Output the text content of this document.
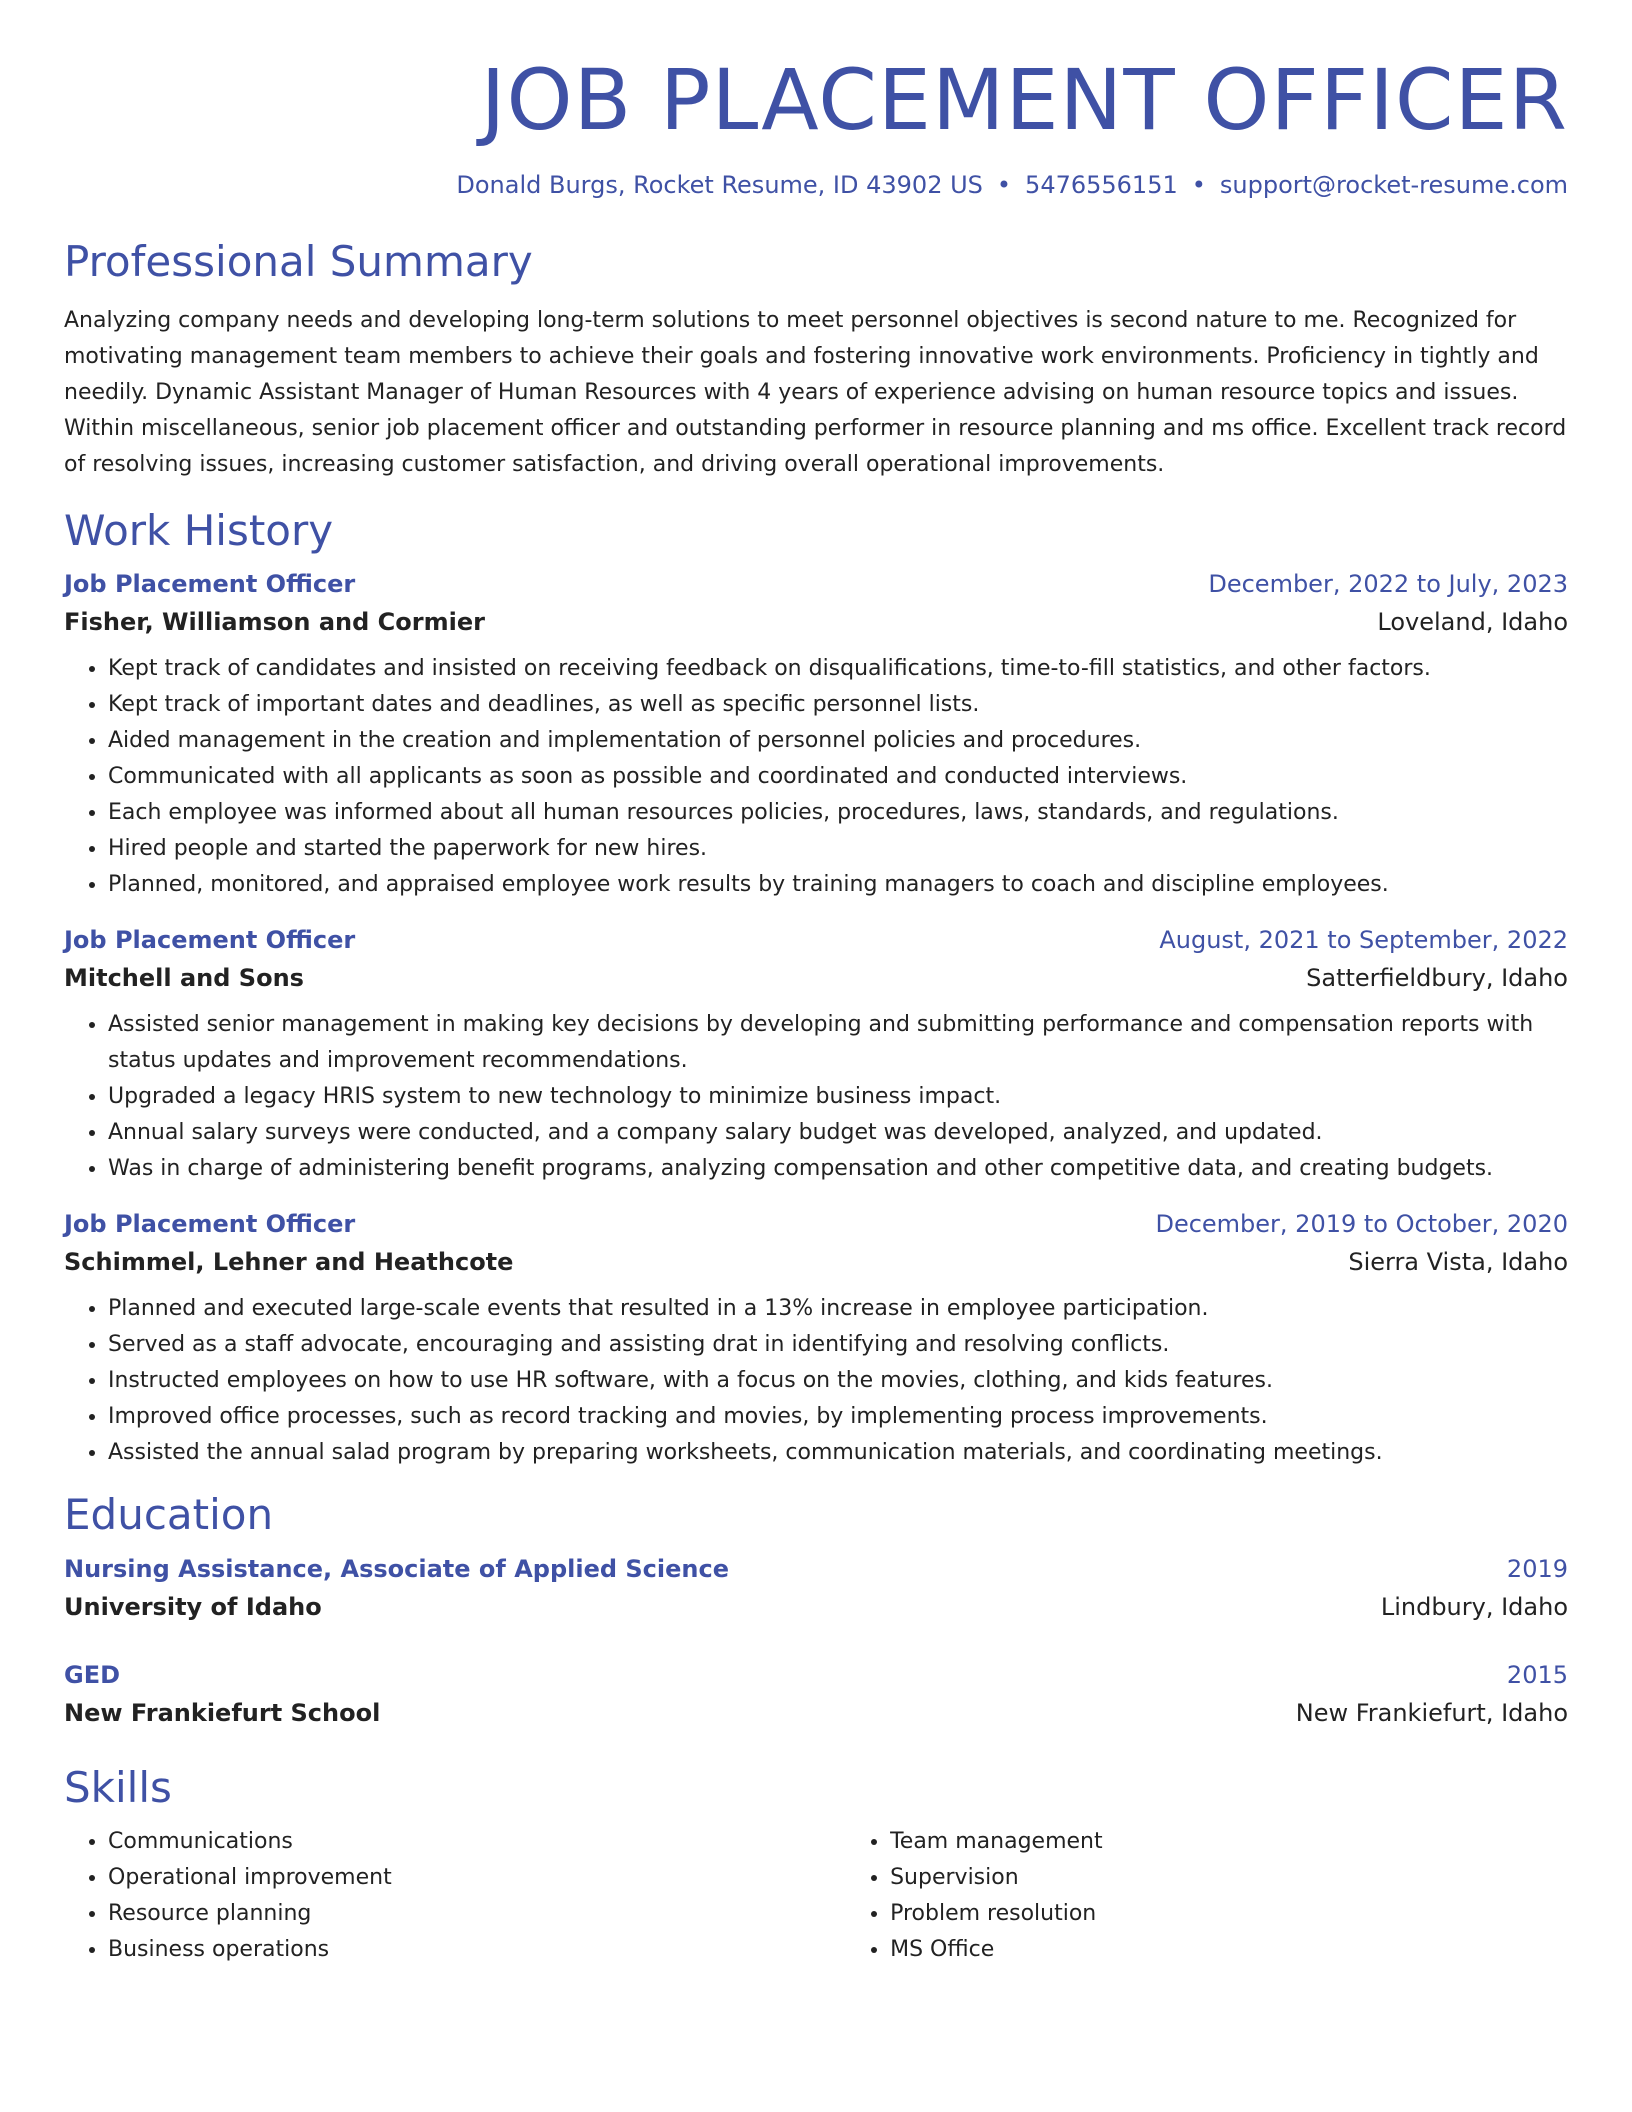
JOB PLACEMENT OFFICER
Donald Burgs, Rocket Resume, ID 43902 US • 5476556151 • support@rocket-resume.com
Professional Summary

Analyzing company needs and developing long-term solutions to meet personnel objectives is second nature to me. Recognized for motivating management team members to achieve their goals and fostering innovative work environments. Proficiency in tightly and needily. Dynamic Assistant Manager of Human Resources with 4 years of experience advising on human resource topics and issues. Within miscellaneous, senior job placement officer and outstanding performer in resource planning and ms office. Excellent track record of resolving issues, increasing customer satisfaction, and driving overall operational improvements.

Work History
Job Placement Officer	December, 2022 to July, 2023
Fisher, Williamson and Cormier	Loveland, Idaho
• Kept track of candidates and insisted on receiving feedback on disqualifications, time-to-fill statistics, and other factors.
• Kept track of important dates and deadlines, as well as specific personnel lists.
• Aided management in the creation and implementation of personnel policies and procedures.
• Communicated with all applicants as soon as possible and coordinated and conducted interviews.
• Each employee was informed about all human resources policies, procedures, laws, standards, and regulations.
• Hired people and started the paperwork for new hires.
• Planned, monitored, and appraised employee work results by training managers to coach and discipline employees.
Job Placement Officer	August, 2021 to September, 2022
Mitchell and Sons	Satterfieldbury, Idaho
• Assisted senior management in making key decisions by developing and submitting performance and compensation reports with status updates and improvement recommendations.
• Upgraded a legacy HRIS system to new technology to minimize business impact.
• Annual salary surveys were conducted, and a company salary budget was developed, analyzed, and updated.
• Was in charge of administering benefit programs, analyzing compensation and other competitive data, and creating budgets.
Job Placement Officer	December, 2019 to October, 2020
Schimmel, Lehner and Heathcote	Sierra Vista, Idaho
• Planned and executed large-scale events that resulted in a 13% increase in employee participation.
• Served as a staff advocate, encouraging and assisting drat in identifying and resolving conflicts.
• Instructed employees on how to use HR software, with a focus on the movies, clothing, and kids features.
• Improved office processes, such as record tracking and movies, by implementing process improvements.
• Assisted the annual salad program by preparing worksheets, communication materials, and coordinating meetings.
Education
Nursing Assistance, Associate of Applied Science	2019
University of Idaho	Lindbury, Idaho
GED	2015
New Frankiefurt School	New Frankiefurt, Idaho
Skills
• Communications
• Operational improvement
• Resource planning
• Business operations
• Team management
• Supervision
• Problem resolution
• MS Office
